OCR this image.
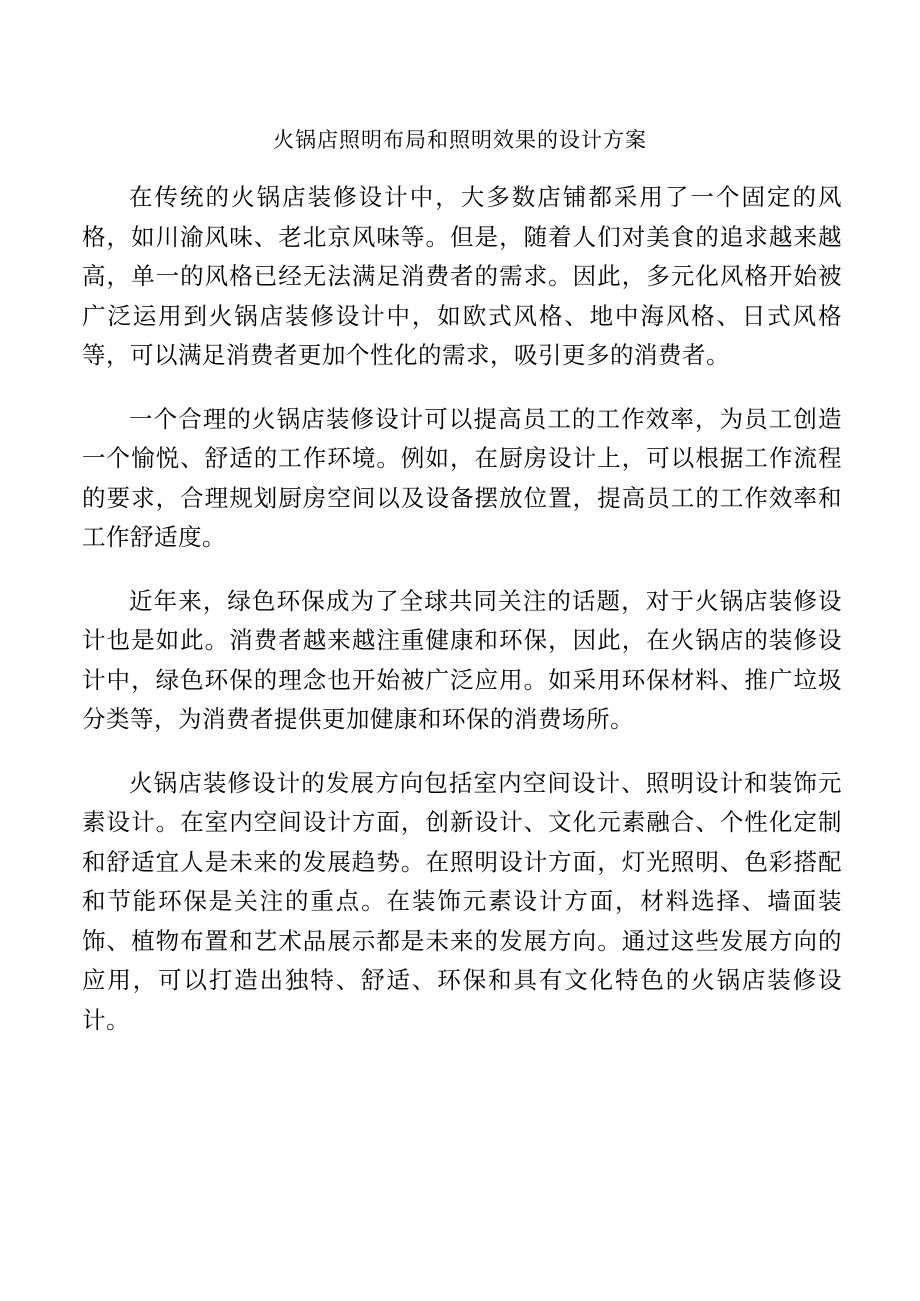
火锅店照明布局和照明效果的设计方案

在传统的火锅店装修设计中，大多数店铺都采用了一个固定的风格，如川渝风味、老北京风味等。但是，随着人们对美食的追求越来越高，单一的风格已经无法满足消费者的需求。因此，多元化风格开始被广泛运用到火锅店装修设计中，如欧式风格、地中海风格、日式风格等，可以满足消费者更加个性化的需求，吸引更多的消费者。

一个合理的火锅店装修设计可以提高员工的工作效率，为员工创造一个愉悦、舒适的工作环境。例如，在厨房设计上，可以根据工作流程的要求，合理规划厨房空间以及设备摆放位置，提高员工的工作效率和工作舒适度。

近年来，绿色环保成为了全球共同关注的话题，对于火锅店装修设计也是如此。消费者越来越注重健康和环保，因此，在火锅店的装修设计中，绿色环保的理念也开始被广泛应用。如采用环保材料、推广垃圾分类等，为消费者提供更加健康和环保的消费场所。

火锅店装修设计的发展方向包括室内空间设计、照明设计和装饰元素设计。在室内空间设计方面，创新设计、文化元素融合、个性化定制和舒适宜人是未来的发展趋势。在照明设计方面，灯光照明、色彩搭配和节能环保是关注的重点。在装饰元素设计方面，材料选择、墙面装饰、植物布置和艺术品展示都是未来的发展方向。通过这些发展方向的应用，可以打造出独特、舒适、环保和具有文化特色的火锅店装修设计。
